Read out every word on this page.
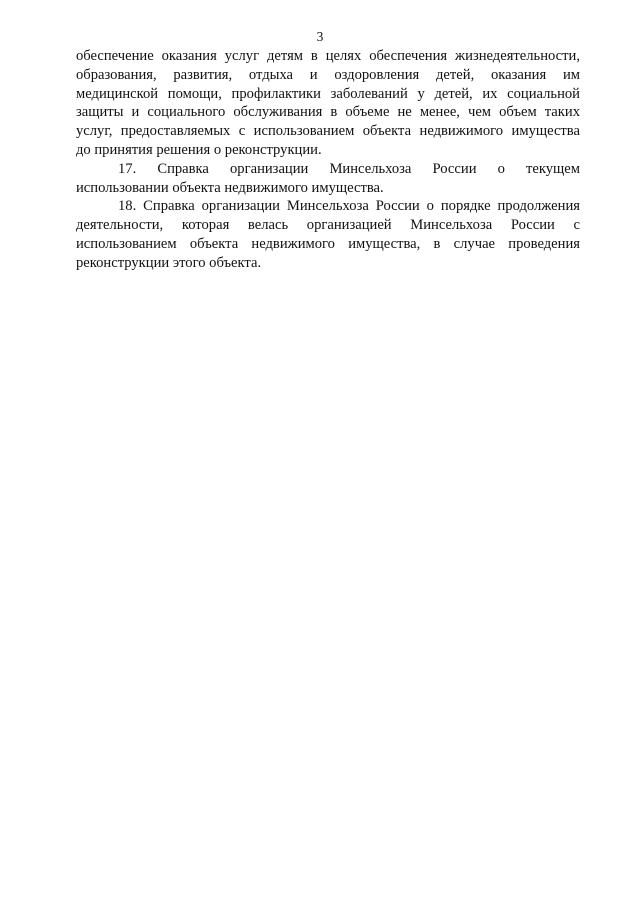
3
обеспечение оказания услуг детям в целях обеспечения жизнедеятельности,
образования, развития, отдыха и оздоровления детей, оказания им
медицинской помощи, профилактики заболеваний у детей, их социальной
защиты и социального обслуживания в объеме не менее, чем объем таких
услуг, предоставляемых с использованием объекта недвижимого имущества
до принятия решения о реконструкции.
17. Справка организации Минсельхоза России о текущем
использовании объекта недвижимого имущества.
18. Справка организации Минсельхоза России о порядке продолжения
деятельности, которая велась организацией Минсельхоза России с
использованием объекта недвижимого имущества, в случае проведения
реконструкции этого объекта.
